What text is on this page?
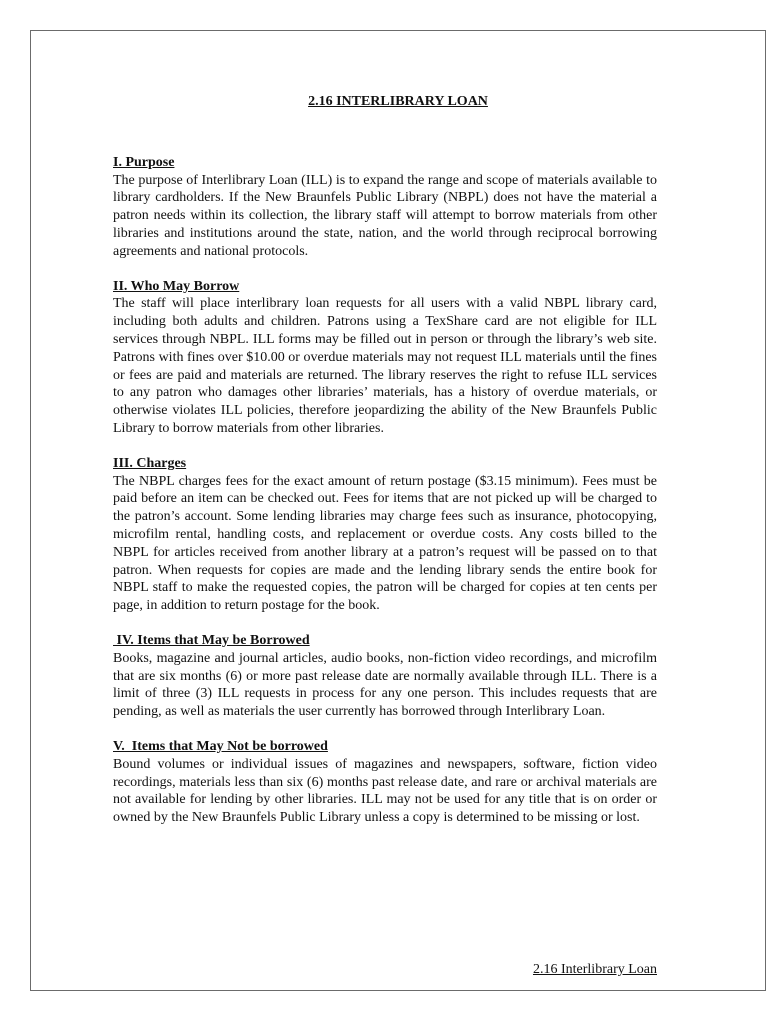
2.16 INTERLIBRARY LOAN
I. Purpose
The purpose of Interlibrary Loan (ILL) is to expand the range and scope of materials available to library cardholders. If the New Braunfels Public Library (NBPL) does not have the material a patron needs within its collection, the library staff will attempt to borrow materials from other libraries and institutions around the state, nation, and the world through reciprocal borrowing agreements and national protocols.
II. Who May Borrow
The staff will place interlibrary loan requests for all users with a valid NBPL library card, including both adults and children. Patrons using a TexShare card are not eligible for ILL services through NBPL. ILL forms may be filled out in person or through the library’s web site. Patrons with fines over $10.00 or overdue materials may not request ILL materials until the fines or fees are paid and materials are returned. The library reserves the right to refuse ILL services to any patron who damages other libraries’ materials, has a history of overdue materials, or otherwise violates ILL policies, therefore jeopardizing the ability of the New Braunfels Public Library to borrow materials from other libraries.
III. Charges
The NBPL charges fees for the exact amount of return postage ($3.15 minimum). Fees must be paid before an item can be checked out. Fees for items that are not picked up will be charged to the patron’s account. Some lending libraries may charge fees such as insurance, photocopying, microfilm rental, handling costs, and replacement or overdue costs. Any costs billed to the NBPL for articles received from another library at a patron’s request will be passed on to that patron. When requests for copies are made and the lending library sends the entire book for NBPL staff to make the requested copies, the patron will be charged for copies at ten cents per page, in addition to return postage for the book.
IV. Items that May be Borrowed
Books, magazine and journal articles, audio books, non-fiction video recordings, and microfilm that are six months (6) or more past release date are normally available through ILL. There is a limit of three (3) ILL requests in process for any one person. This includes requests that are pending, as well as materials the user currently has borrowed through Interlibrary Loan.
V.  Items that May Not be borrowed
Bound volumes or individual issues of magazines and newspapers, software, fiction video recordings, materials less than six (6) months past release date, and rare or archival materials are not available for lending by other libraries. ILL may not be used for any title that is on order or owned by the New Braunfels Public Library unless a copy is determined to be missing or lost.
2.16 Interlibrary Loan
